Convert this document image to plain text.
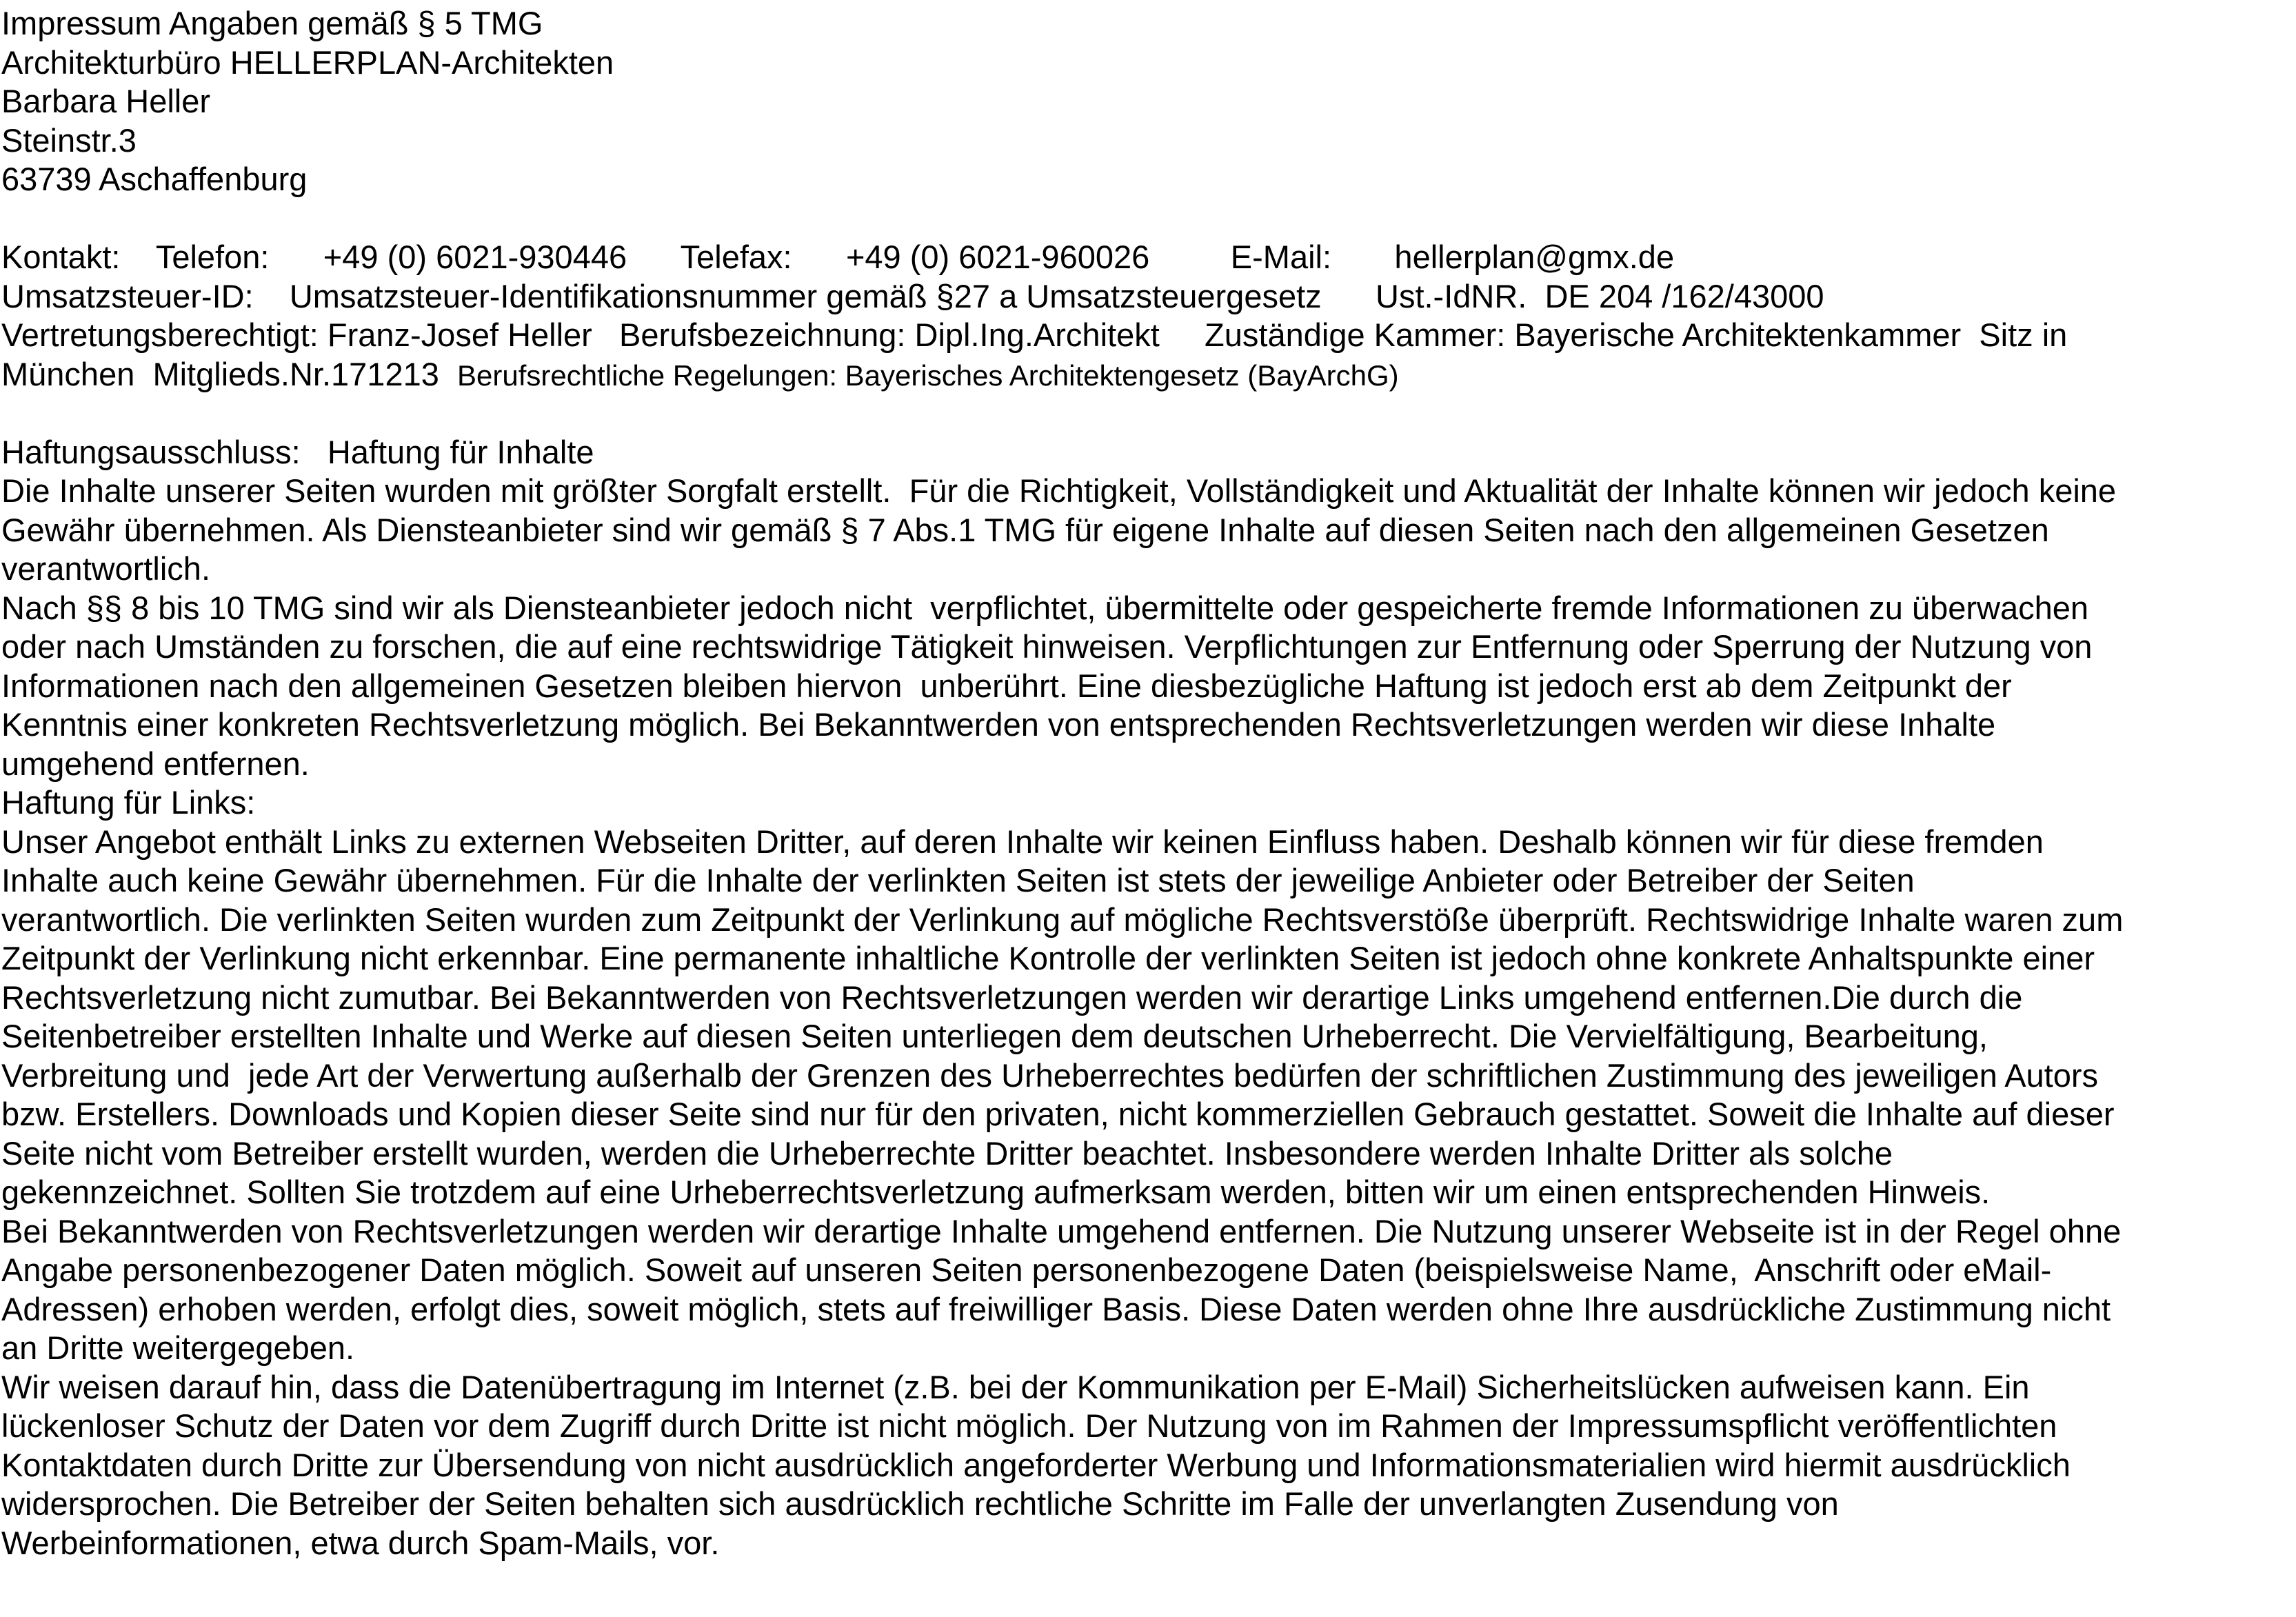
Impressum Angaben gemäß § 5 TMG
Architekturbüro HELLERPLAN-Architekten
Barbara Heller
Steinstr.3
63739 Aschaffenburg
Kontakt:    Telefon:      +49 (0) 6021-930446      Telefax:      +49 (0) 6021-960026         E-Mail:       hellerplan@gmx.de
Umsatzsteuer-ID:    Umsatzsteuer-Identifikationsnummer gemäß §27 a Umsatzsteuergesetz      Ust.-IdNR.  DE 204 /162/43000
Vertretungsberechtigt: Franz-Josef Heller   Berufsbezeichnung: Dipl.Ing.Architekt     Zuständige Kammer: Bayerische Architektenkammer  Sitz in
München  Mitglieds.Nr.171213  Berufsrechtliche Regelungen: Bayerisches Architektengesetz (BayArchG)
Haftungsausschluss:   Haftung für Inhalte
Die Inhalte unserer Seiten wurden mit größter Sorgfalt erstellt.  Für die Richtigkeit, Vollständigkeit und Aktualität der Inhalte können wir jedoch keine
Gewähr übernehmen. Als Diensteanbieter sind wir gemäß § 7 Abs.1 TMG für eigene Inhalte auf diesen Seiten nach den allgemeinen Gesetzen
verantwortlich.
Nach §§ 8 bis 10 TMG sind wir als Diensteanbieter jedoch nicht  verpflichtet, übermittelte oder gespeicherte fremde Informationen zu überwachen
oder nach Umständen zu forschen, die auf eine rechtswidrige Tätigkeit hinweisen. Verpflichtungen zur Entfernung oder Sperrung der Nutzung von
Informationen nach den allgemeinen Gesetzen bleiben hiervon  unberührt. Eine diesbezügliche Haftung ist jedoch erst ab dem Zeitpunkt der
Kenntnis einer konkreten Rechtsverletzung möglich. Bei Bekanntwerden von entsprechenden Rechtsverletzungen werden wir diese Inhalte
umgehend entfernen.
Haftung für Links:
Unser Angebot enthält Links zu externen Webseiten Dritter, auf deren Inhalte wir keinen Einfluss haben. Deshalb können wir für diese fremden
Inhalte auch keine Gewähr übernehmen. Für die Inhalte der verlinkten Seiten ist stets der jeweilige Anbieter oder Betreiber der Seiten
verantwortlich. Die verlinkten Seiten wurden zum Zeitpunkt der Verlinkung auf mögliche Rechtsverstöße überprüft. Rechtswidrige Inhalte waren zum
Zeitpunkt der Verlinkung nicht erkennbar. Eine permanente inhaltliche Kontrolle der verlinkten Seiten ist jedoch ohne konkrete Anhaltspunkte einer
Rechtsverletzung nicht zumutbar. Bei Bekanntwerden von Rechtsverletzungen werden wir derartige Links umgehend entfernen.Die durch die
Seitenbetreiber erstellten Inhalte und Werke auf diesen Seiten unterliegen dem deutschen Urheberrecht. Die Vervielfältigung, Bearbeitung,
Verbreitung und  jede Art der Verwertung außerhalb der Grenzen des Urheberrechtes bedürfen der schriftlichen Zustimmung des jeweiligen Autors
bzw. Erstellers. Downloads und Kopien dieser Seite sind nur für den privaten, nicht kommerziellen Gebrauch gestattet. Soweit die Inhalte auf dieser
Seite nicht vom Betreiber erstellt wurden, werden die Urheberrechte Dritter beachtet. Insbesondere werden Inhalte Dritter als solche
gekennzeichnet. Sollten Sie trotzdem auf eine Urheberrechtsverletzung aufmerksam werden, bitten wir um einen entsprechenden Hinweis.
Bei Bekanntwerden von Rechtsverletzungen werden wir derartige Inhalte umgehend entfernen. Die Nutzung unserer Webseite ist in der Regel ohne
Angabe personenbezogener Daten möglich. Soweit auf unseren Seiten personenbezogene Daten (beispielsweise Name,  Anschrift oder eMail-
Adressen) erhoben werden, erfolgt dies, soweit möglich, stets auf freiwilliger Basis. Diese Daten werden ohne Ihre ausdrückliche Zustimmung nicht
an Dritte weitergegeben.
Wir weisen darauf hin, dass die Datenübertragung im Internet (z.B. bei der Kommunikation per E-Mail) Sicherheitslücken aufweisen kann. Ein
lückenloser Schutz der Daten vor dem Zugriff durch Dritte ist nicht möglich. Der Nutzung von im Rahmen der Impressumspflicht veröffentlichten
Kontaktdaten durch Dritte zur Übersendung von nicht ausdrücklich angeforderter Werbung und Informationsmaterialien wird hiermit ausdrücklich
widersprochen. Die Betreiber der Seiten behalten sich ausdrücklich rechtliche Schritte im Falle der unverlangten Zusendung von
Werbeinformationen, etwa durch Spam-Mails, vor.
